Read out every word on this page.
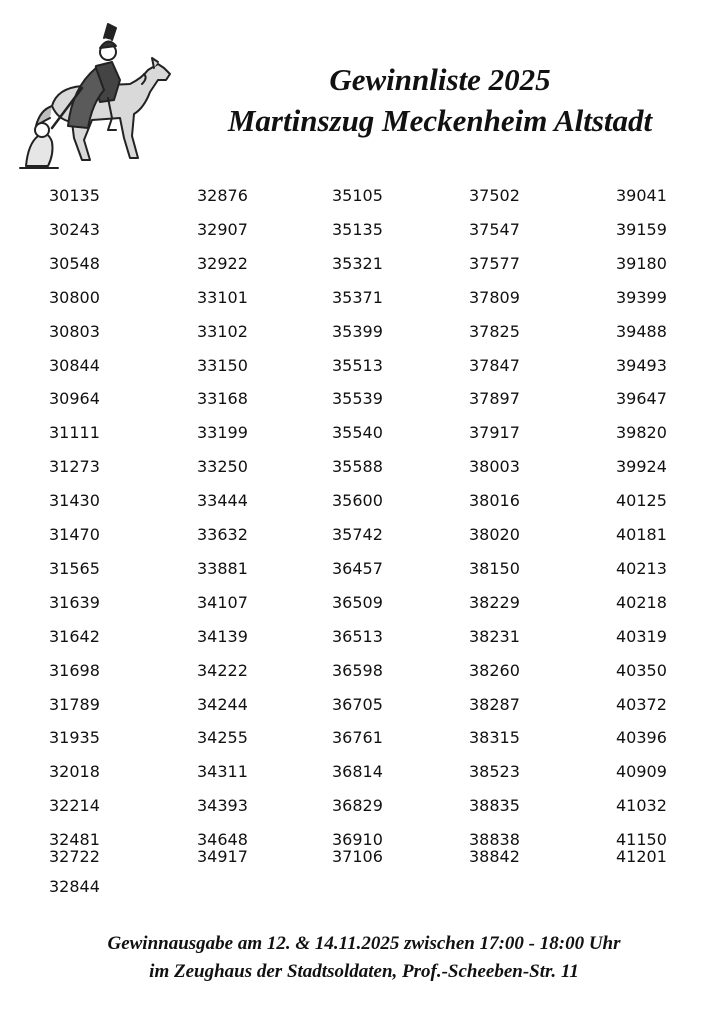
Gewinnliste 2025
Martinszug Meckenheim Altstadt
30135
30243
30548
30800
30803
30844
30964
31111
31273
31430
31470
31565
31639
31642
31698
31789
31935
32018
32214
32481
32722
32844
32876
32907
32922
33101
33102
33150
33168
33199
33250
33444
33632
33881
34107
34139
34222
34244
34255
34311
34393
34648
34917
35105
35135
35321
35371
35399
35513
35539
35540
35588
35600
35742
36457
36509
36513
36598
36705
36761
36814
36829
36910
37106
37502
37547
37577
37809
37825
37847
37897
37917
38003
38016
38020
38150
38229
38231
38260
38287
38315
38523
38835
38838
38842
39041
39159
39180
39399
39488
39493
39647
39820
39924
40125
40181
40213
40218
40319
40350
40372
40396
40909
41032
41150
41201
Gewinnausgabe am 12. & 14.11.2025 zwischen 17:00 - 18:00 Uhr
im Zeughaus der Stadtsoldaten, Prof.-Scheeben-Str. 11
